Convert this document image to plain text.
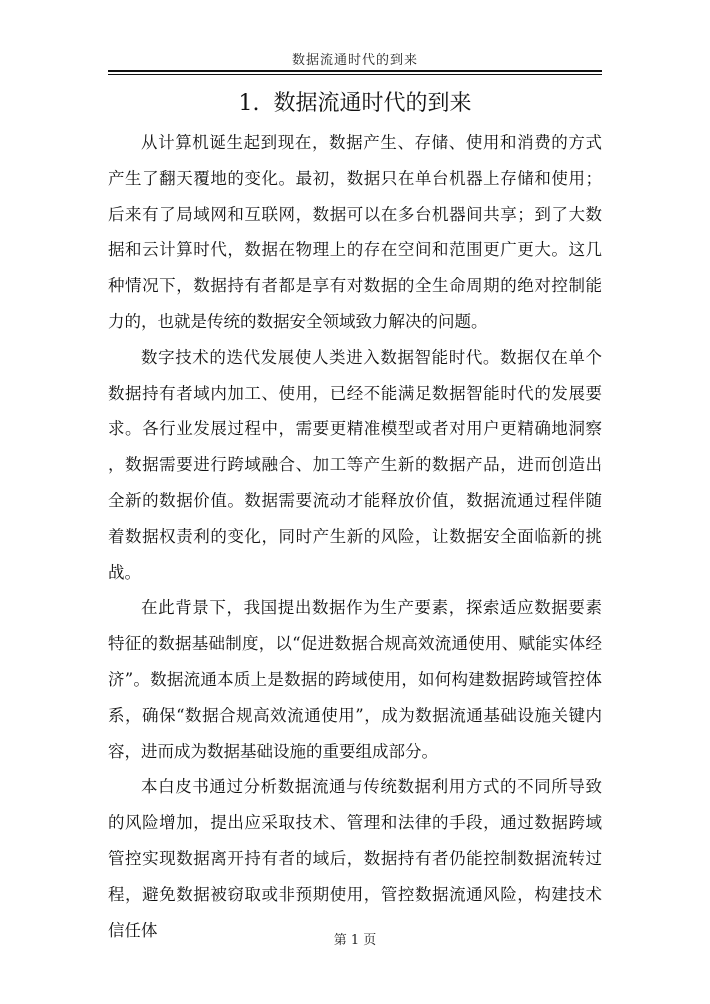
数据流通时代的到来
1. 数据流通时代的到来

从计算机诞生起到现在，数据产生、存储、使用和消费的方式产生了翻天覆地的变化。最初，数据只在单台机器上存储和使用；后来有了局域网和互联网，数据可以在多台机器间共享；到了大数据和云计算时代，数据在物理上的存在空间和范围更广更大。这几种情况下，数据持有者都是享有对数据的全生命周期的绝对控制能力的，也就是传统的数据安全领域致力解决的问题。

数字技术的迭代发展使人类进入数据智能时代。数据仅在单个数据持有者域内加工、使用，已经不能满足数据智能时代的发展要求。各行业发展过程中，需要更精准模型或者对用户更精确地洞察，数据需要进行跨域融合、加工等产生新的数据产品，进而创造出全新的数据价值。数据需要流动才能释放价值，数据流通过程伴随着数据权责利的变化，同时产生新的风险，让数据安全面临新的挑战。

在此背景下，我国提出数据作为生产要素，探索适应数据要素特征的数据基础制度，以“促进数据合规高效流通使用、赋能实体经济”。数据流通本质上是数据的跨域使用，如何构建数据跨域管控体系，确保“数据合规高效流通使用”，成为数据流通基础设施关键内容，进而成为数据基础设施的重要组成部分。

本白皮书通过分析数据流通与传统数据利用方式的不同所导致的风险增加，提出应采取技术、管理和法律的手段，通过数据跨域管控实现数据离开持有者的域后，数据持有者仍能控制数据流转过程，避免数据被窃取或非预期使用，管控数据流通风险，构建技术信任体

第 1 页
